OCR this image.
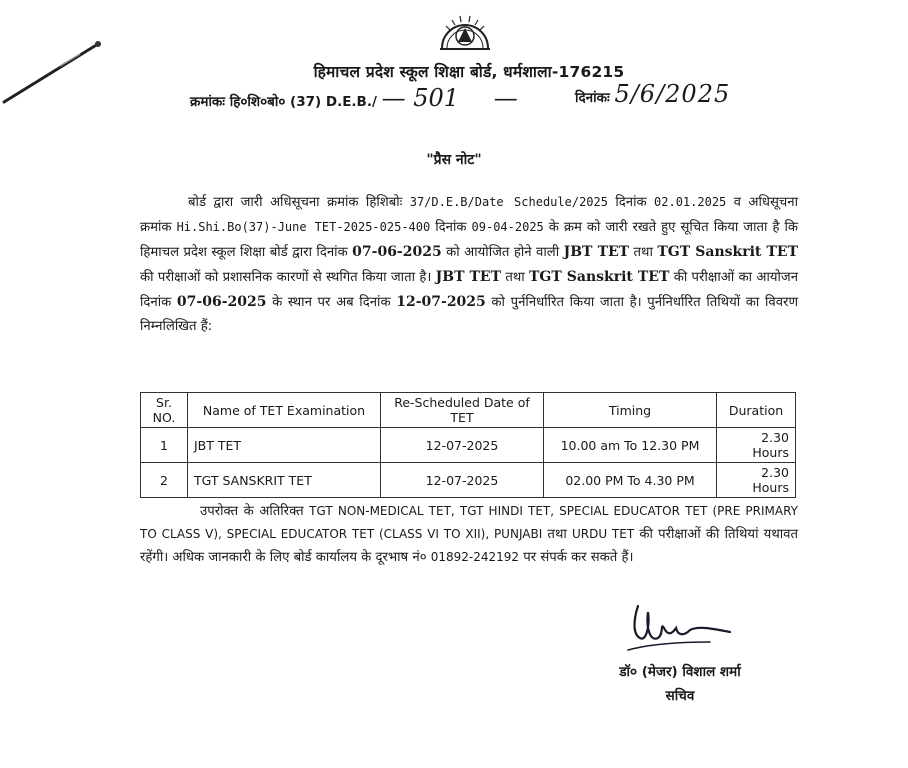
हिमाचल प्रदेश स्कूल शिक्षा बोर्ड, धर्मशाला-176215
क्रमांकः हि०शि०बो० (37) D.E.B./ — 501 —	दिनांकः 5/6/2025
"प्रैस नोट"
बोर्ड द्वारा जारी अधिसूचना क्रमांक हिशिबोः 37/D.E.B/Date Schedule/2025 दिनांक 02.01.2025 व अधिसूचना क्रमांक Hi.Shi.Bo(37)-June TET-2025-025-400 दिनांक 09-04-2025 के क्रम को जारी रखते हुए सूचित किया जाता है कि हिमाचल प्रदेश स्कूल शिक्षा बोर्ड द्वारा दिनांक 07-06-2025 को आयोजित होने वाली JBT TET तथा TGT Sanskrit TET की परीक्षाओं को प्रशासनिक कारणों से स्थगित किया जाता है। JBT TET तथा TGT Sanskrit TET की परीक्षाओं का आयोजन दिनांक 07-06-2025 के स्थान पर अब दिनांक 12-07-2025 को पुर्ननिर्धारित किया जाता है। पुर्ननिर्धारित तिथियों का विवरण निम्नलिखित हैं:
Sr. NO.	Name of TET Examination	Re-Scheduled Date of TET	Timing	Duration
1	JBT TET	12-07-2025	10.00 am To 12.30 PM	2.30 Hours
2	TGT SANSKRIT TET	12-07-2025	02.00 PM To 4.30 PM	2.30 Hours
उपरोक्त के अतिरिक्त TGT NON-MEDICAL TET, TGT HINDI TET, SPECIAL EDUCATOR TET (PRE PRIMARY TO CLASS V), SPECIAL EDUCATOR TET (CLASS VI TO XII), PUNJABI तथा URDU TET की परीक्षाओं की तिथियां यथावत रहेंगी। अधिक जानकारी के लिए बोर्ड कार्यालय के दूरभाष नं० 01892-242192 पर संपर्क कर सकते हैं।
डॉ० (मेजर) विशाल शर्मा
सचिव
